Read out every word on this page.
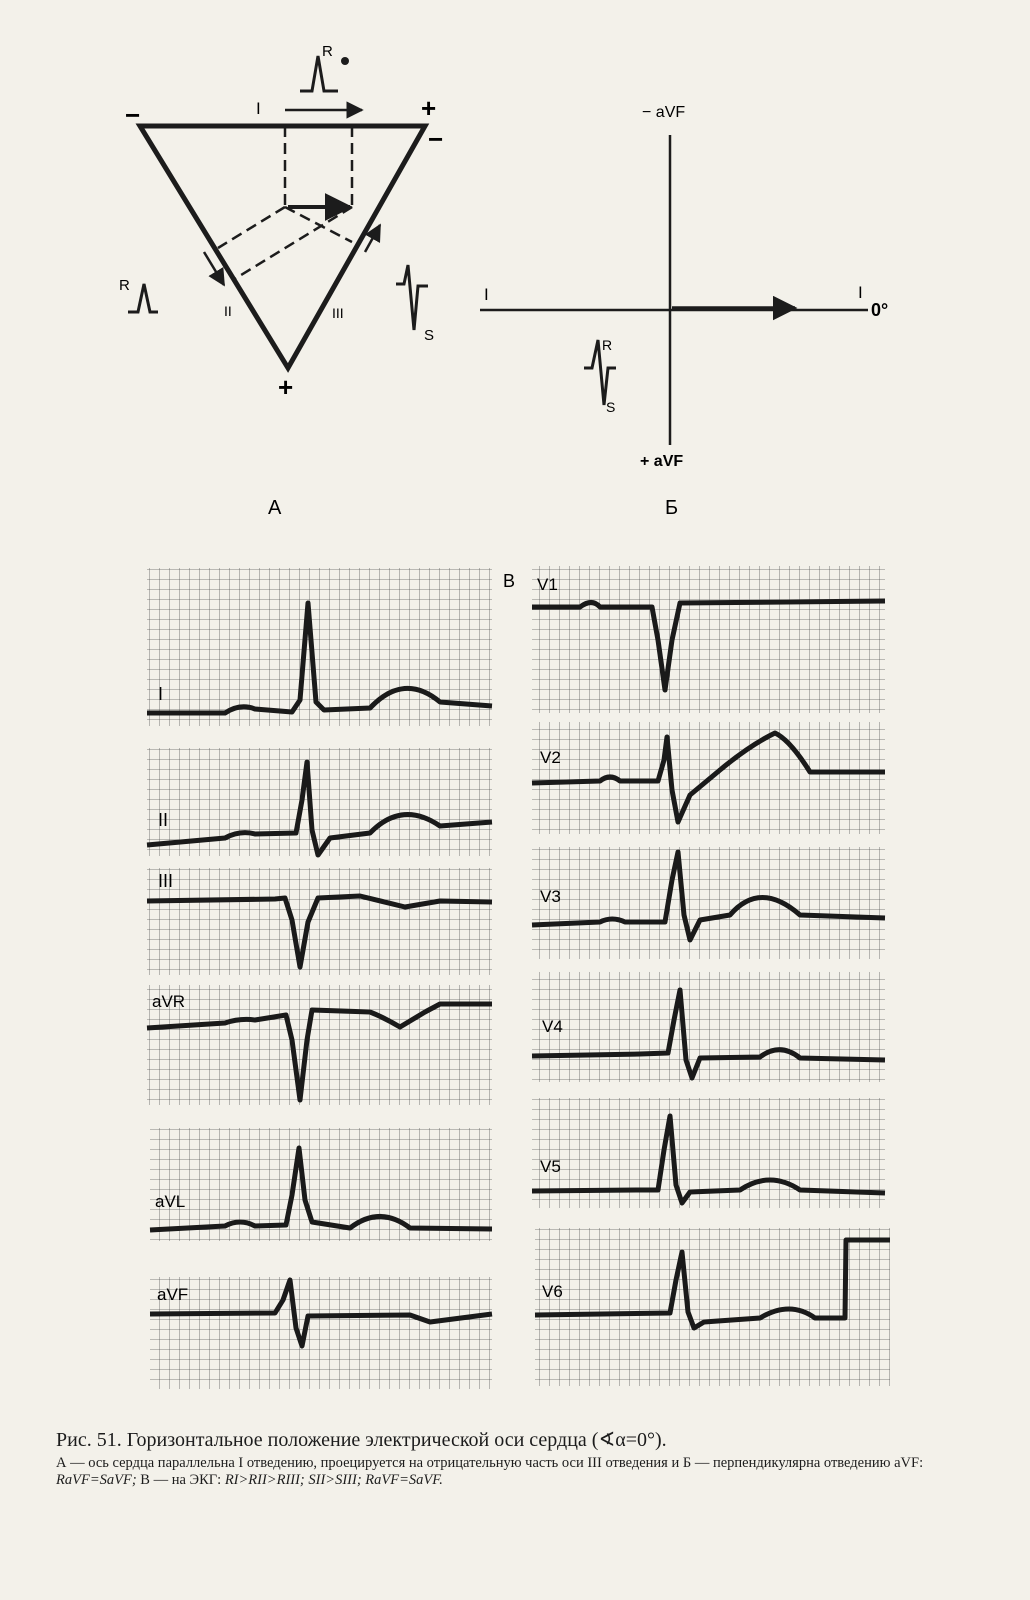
−	I	+
−
II	III
+
R
R
S
А
− aVF
+ aVF
I	I
0°
R
S
Б
I
II
III
aVR
aVL
aVF
В V1
V2
V3
V4
V5
V6
Рис. 51. Горизонтальное положение электрической оси сердца (∢α=0°).
А — ось сердца параллельна I отведению, проецируется на отрицательную часть оси III отведения и Б — перпендикулярна отведению aVF: RaVF=SaVF; В — на ЭКГ: RI>RII>RIII; SII>SIII; RaVF=SaVF.
